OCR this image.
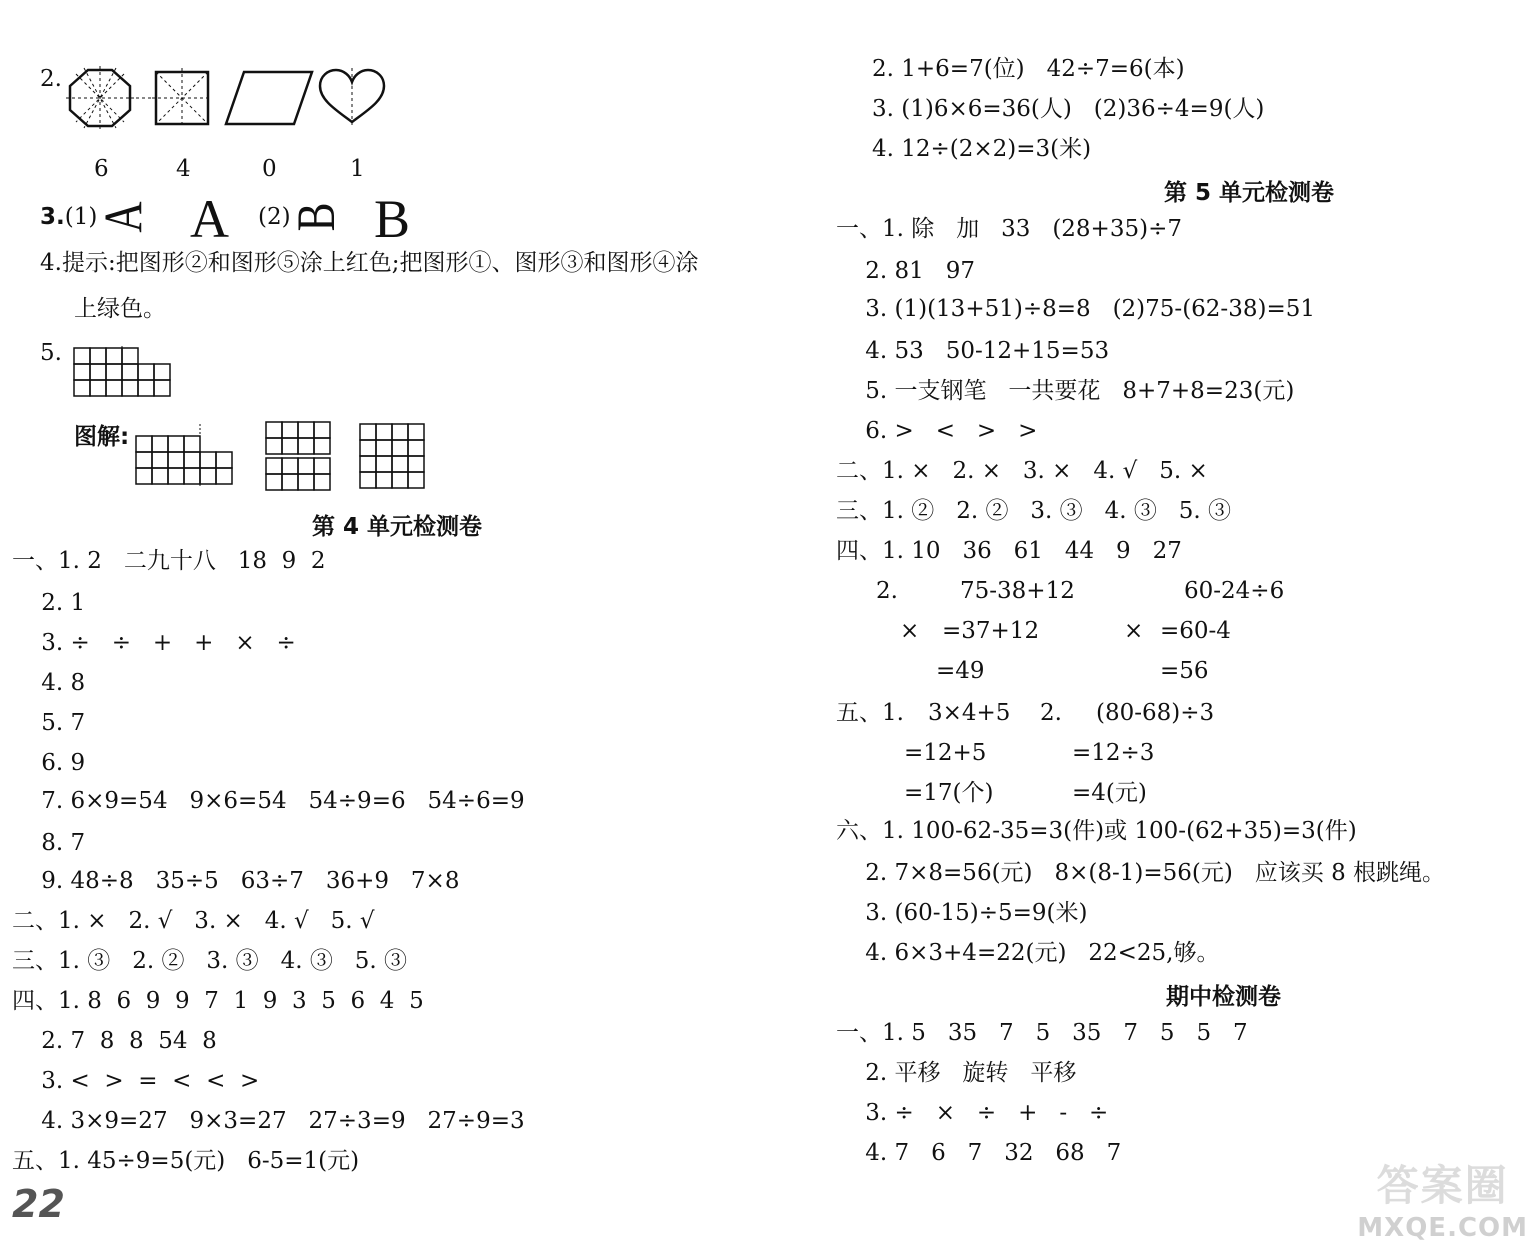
2.
6	4	0	1
3.(1)
A A (2)
B B
4.提示:把图形②和图形⑤涂上红色;把图形①、图形③和图形④涂
上绿色。
5.
图解:
第 4 单元检测卷
一、1. 2   二九十八   18  9  2
2. 1
3. ÷   ÷   +   +   ×   ÷
4. 8
5. 7
6. 9
7. 6×9=54   9×6=54   54÷9=6   54÷6=9
8. 7
9. 48÷8   35÷5   63÷7   36+9   7×8
二、1. ×   2. √   3. ×   4. √   5. √
三、1. ③   2. ②   3. ③   4. ③   5. ③
四、1. 8  6  9  9  7  1  9  3  5  6  4  5
2. 7  8  8  54  8
3. <  >  =  <  <  >
4. 3×9=27   9×3=27   27÷3=9   27÷9=3
五、1. 45÷9=5(元)   6-5=1(元)
22
2. 1+6=7(位)   42÷7=6(本)
3. (1)6×6=36(人)   (2)36÷4=9(人)
4. 12÷(2×2)=3(米)
第 5 单元检测卷
一、1. 除   加   33   (28+35)÷7
2. 81   97
3. (1)(13+51)÷8=8   (2)75-(62-38)=51
4. 53   50-12+15=53
5. 一支钢笔   一共要花   8+7+8=23(元)
6. >   <   >   >
二、1. ×   2. ×   3. ×   4. √   5. ×
三、1. ②   2. ②   3. ③   4. ③   5. ③
四、1. 10   36   61   44   9   27
2.	75-38+12	60-24÷6
× =37+12	× =60-4
=49	=56
五、1. 3×4+5 2. (80-68)÷3
=12+5	=12÷3
=17(个)	=4(元)
六、1. 100-62-35=3(件)或 100-(62+35)=3(件)
2. 7×8=56(元)   8×(8-1)=56(元)   应该买 8 根跳绳。
3. (60-15)÷5=9(米)
4. 6×3+4=22(元)   22<25,够。
期中检测卷
一、1. 5   35   7   5   35   7   5   5   7
2. 平移   旋转   平移
3. ÷   ×   ÷   +   -   ÷
4. 7   6   7   32   68   7
答案圈
MXQE.COM
